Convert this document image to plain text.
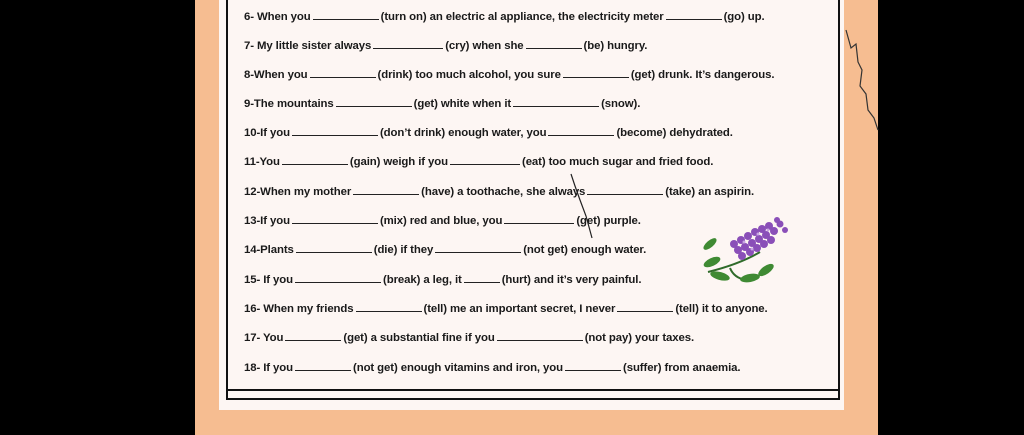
6- When you	(turn on) an electric al appliance, the electricity meter	(go) up.
7- My little sister always	(cry) when she	(be) hungry.
8-When you	(drink) too much alcohol, you sure	(get) drunk. It’s dangerous.
9-The mountains	(get) white when it	(snow).
10-If you	(don’t drink) enough water, you	(become) dehydrated.
11-You	(gain) weigh if you	(eat) too much sugar and fried food.
12-When my mother	(have) a toothache, she always	(take) an aspirin.
13-If you	(mix) red and blue, you	(get) purple.
14-Plants	(die) if they	(not get) enough water.
15- If you	(break) a leg, it	(hurt) and it’s very painful.
16- When my friends	(tell) me an important secret, I never	(tell) it to anyone.
17- You	(get) a substantial fine if you	(not pay) your taxes.
18- If you	(not get) enough vitamins and iron, you	(suffer) from anaemia.
